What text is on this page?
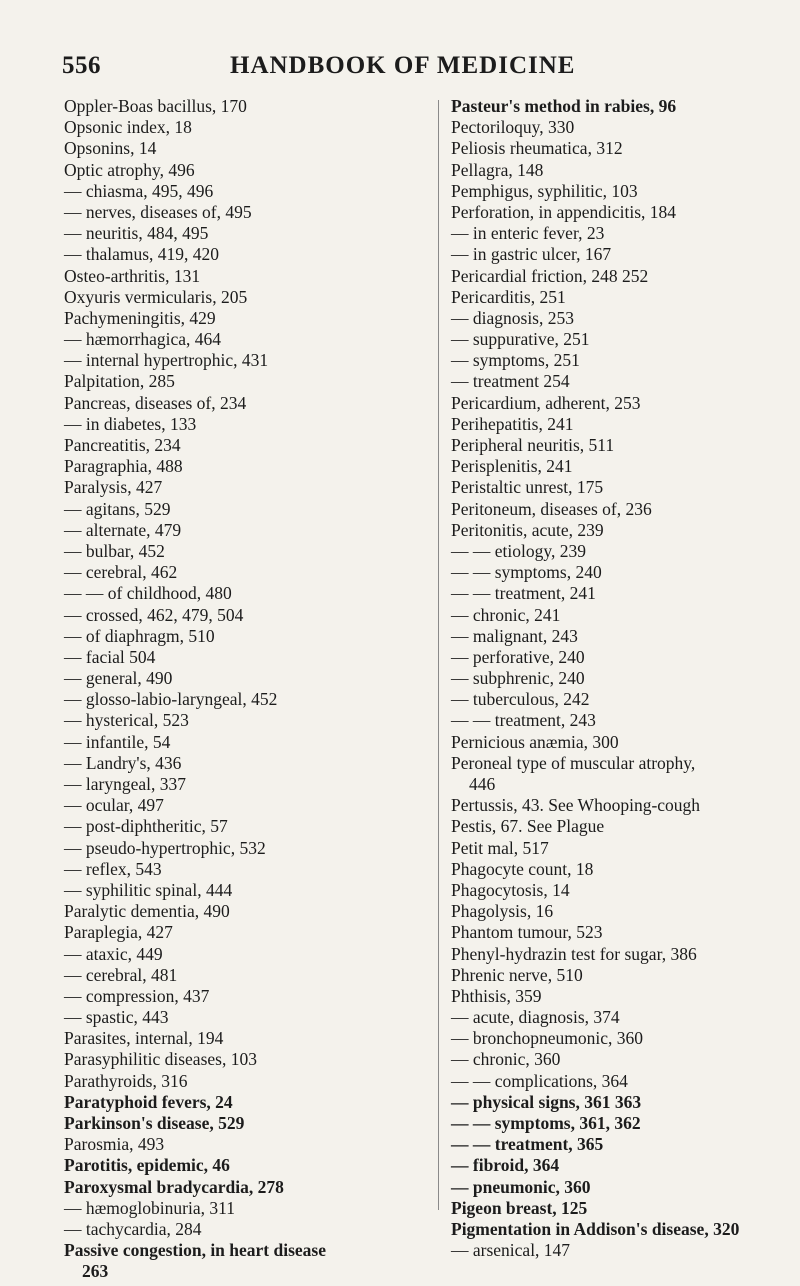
556	HANDBOOK OF MEDICINE
Oppler-Boas bacillus, 170
Opsonic index, 18
Opsonins, 14
Optic atrophy, 496
— chiasma, 495, 496
— nerves, diseases of, 495
— neuritis, 484, 495
— thalamus, 419, 420
Osteo-arthritis, 131
Oxyuris vermicularis, 205
Pachymeningitis, 429
— hæmorrhagica, 464
— internal hypertrophic, 431
Palpitation, 285
Pancreas, diseases of, 234
— in diabetes, 133
Pancreatitis, 234
Paragraphia, 488
Paralysis, 427
— agitans, 529
— alternate, 479
— bulbar, 452
— cerebral, 462
— — of childhood, 480
— crossed, 462, 479, 504
— of diaphragm, 510
— facial 504
— general, 490
— glosso-labio-laryngeal, 452
— hysterical, 523
— infantile, 54
— Landry's, 436
— laryngeal, 337
— ocular, 497
— post-diphtheritic, 57
— pseudo-hypertrophic, 532
— reflex, 543
— syphilitic spinal, 444
Paralytic dementia, 490
Paraplegia, 427
— ataxic, 449
— cerebral, 481
— compression, 437
— spastic, 443
Parasites, internal, 194
Parasyphilitic diseases, 103
Parathyroids, 316
Paratyphoid fevers, 24
Parkinson's disease, 529
Parosmia, 493
Parotitis, epidemic, 46
Paroxysmal bradycardia, 278
— hæmoglobinuria, 311
— tachycardia, 284
Passive congestion, in heart disease
263
Pasteur's method in rabies, 96
Pectoriloquy, 330
Peliosis rheumatica, 312
Pellagra, 148
Pemphigus, syphilitic, 103
Perforation, in appendicitis, 184
— in enteric fever, 23
— in gastric ulcer, 167
Pericardial friction, 248 252
Pericarditis, 251
— diagnosis, 253
— suppurative, 251
— symptoms, 251
— treatment 254
Pericardium, adherent, 253
Perihepatitis, 241
Peripheral neuritis, 511
Perisplenitis, 241
Peristaltic unrest, 175
Peritoneum, diseases of, 236
Peritonitis, acute, 239
— — etiology, 239
— — symptoms, 240
— — treatment, 241
— chronic, 241
— malignant, 243
— perforative, 240
— subphrenic, 240
— tuberculous, 242
— — treatment, 243
Pernicious anæmia, 300
Peroneal type of muscular atrophy,
446
Pertussis, 43. See Whooping-cough
Pestis, 67. See Plague
Petit mal, 517
Phagocyte count, 18
Phagocytosis, 14
Phagolysis, 16
Phantom tumour, 523
Phenyl-hydrazin test for sugar, 386
Phrenic nerve, 510
Phthisis, 359
— acute, diagnosis, 374
— bronchopneumonic, 360
— chronic, 360
— — complications, 364
— physical signs, 361 363
— — symptoms, 361, 362
— — treatment, 365
— fibroid, 364
— pneumonic, 360
Pigeon breast, 125
Pigmentation in Addison's disease, 320
— arsenical, 147
